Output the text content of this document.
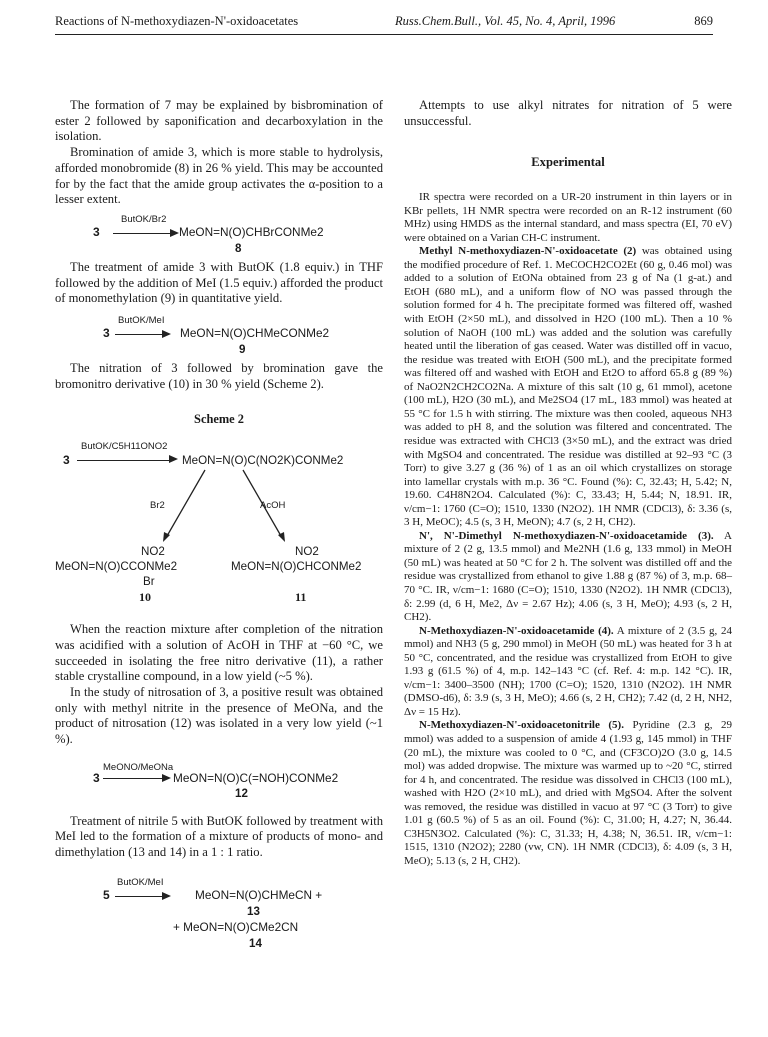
Reactions of N-methoxydiazen-N'-oxidoacetates	Russ.Chem.Bull., Vol. 45, No. 4, April, 1996	869

The formation of 7 may be explained by bisbromination of ester 2 followed by saponification and decarboxylation in the isolation.

Bromination of amide 3, which is more stable to hydrolysis, afforded monobromide (8) in 26 % yield. This may be accounted for by the fact that the amide group activates the α-position to a lesser extent.

3
ButOK/Br2
MeON=N(O)CHBrCONMe2
8

The treatment of amide 3 with ButOK (1.8 equiv.) in THF followed by the addition of MeI (1.5 equiv.) afforded the product of monomethylation (9) in quantitative yield.

3
ButOK/MeI
MeON=N(O)CHMeCONMe2
9

The nitration of 3 followed by bromination gave the bromonitro derivative (10) in 30 % yield (Scheme 2).

Scheme 2
3
ButOK/C5H11ONO2
MeON=N(O)C(NO2K)CONMe2
Br2	AcOH
NO2
MeON=N(O)CCONMe2
Br
10
NO2
MeON=N(O)CHCONMe2
11

When the reaction mixture after completion of the nitration was acidified with a solution of AcOH in THF at −60 °C, we succeeded in isolating the free nitro derivative (11), a rather stable crystalline compound, in a low yield (~5 %).

In the study of nitrosation of 3, a positive result was obtained only with methyl nitrite in the presence of MeONa, and the product of nitrosation (12) was isolated in a very low yield (~1 %).

3
MeONO/MeONa
MeON=N(O)C(=NOH)CONMe2
12

Treatment of nitrile 5 with ButOK followed by treatment with MeI led to the formation of a mixture of products of mono- and dimethylation (13 and 14) in a 1 : 1 ratio.

5
ButOK/MeI
MeON=N(O)CHMeCN +
13
+ MeON=N(O)CMe2CN
14

Attempts to use alkyl nitrates for nitration of 5 were unsuccessful.

Experimental

IR spectra were recorded on a UR-20 instrument in thin layers or in KBr pellets, 1H NMR spectra were recorded on an R-12 instrument (60 MHz) using HMDS as the internal standard, and mass spectra (EI, 70 eV) were obtained on a Varian CH-C instrument.

Methyl N-methoxydiazen-N'-oxidoacetate (2) was obtained using the modified procedure of Ref. 1. MeCOCH2CO2Et (60 g, 0.46 mol) was added to a solution of EtONa obtained from 23 g of Na (1 g-at.) and EtOH (680 mL), and a uniform flow of NO was passed through the solution formed for 4 h. The precipitate formed was filtered off, washed with EtOH (2×50 mL), and dissolved in H2O (100 mL). Then a 10 % solution of NaOH (100 mL) was added and the solution was carefully heated until the liberation of gas ceased. Water was distilled off in vacuo, the residue was treated with EtOH (500 mL), and the precipitate formed was filtered off and washed with EtOH and Et2O to afford 65.8 g (89 %) of NaO2N2CH2CO2Na. A mixture of this salt (10 g, 61 mmol), acetone (100 mL), H2O (30 mL), and Me2SO4 (17 mL, 183 mmol) was heated at 55 °C for 1.5 h with stirring. The mixture was then cooled, aqueous NH3 was added to pH 8, and the solution was filtered and concentrated. The residue was extracted with CHCl3 (3×50 mL), and the extract was dried with MgSO4 and concentrated. The residue was distilled at 92–93 °C (3 Torr) to give 3.27 g (36 %) of 1 as an oil which crystallizes on storage into lamellar crystals with m.p. 36 °C. Found (%): C, 32.43; H, 5.42; N, 19.60. C4H8N2O4. Calculated (%): C, 33.43; H, 5.44; N, 18.91. IR, ν/cm−1: 1760 (C=O); 1510, 1330 (N2O2). 1H NMR (CDCl3), δ: 3.36 (s, 3 H, MeOC); 4.5 (s, 3 H, MeON); 4.7 (s, 2 H, CH2).

N', N'-Dimethyl N-methoxydiazen-N'-oxidoacetamide (3). A mixture of 2 (2 g, 13.5 mmol) and Me2NH (1.6 g, 133 mmol) in MeOH (50 mL) was heated at 50 °C for 2 h. The solvent was distilled off and the residue was crystallized from ethanol to give 1.88 g (87 %) of 3, m.p. 68–70 °C. IR, ν/cm−1: 1680 (C=O); 1510, 1330 (N2O2). 1H NMR (CDCl3), δ: 2.99 (d, 6 H, Me2, Δν = 2.67 Hz); 4.06 (s, 3 H, MeO); 4.93 (s, 2 H, CH2).

N-Methoxydiazen-N'-oxidoacetamide (4). A mixture of 2 (3.5 g, 24 mmol) and NH3 (5 g, 290 mmol) in MeOH (50 mL) was heated for 3 h at 50 °C, concentrated, and the residue was crystallized from EtOH to give 1.93 g (61.5 %) of 4, m.p. 142–143 °C (cf. Ref. 4: m.p. 142 °C). IR, ν/cm−1: 3400–3500 (NH); 1700 (C=O); 1520, 1310 (N2O2). 1H NMR (DMSO-d6), δ: 3.9 (s, 3 H, MeO); 4.66 (s, 2 H, CH2); 7.42 (d, 2 H, NH2, Δν = 15 Hz).

N-Methoxydiazen-N'-oxidoacetonitrile (5). Pyridine (2.3 g, 29 mmol) was added to a suspension of amide 4 (1.93 g, 145 mmol) in THF (20 mL), the mixture was cooled to 0 °C, and (CF3CO)2O (3.0 g, 14.5 mol) was added dropwise. The mixture was warmed up to ~20 °C, stirred for 4 h, and concentrated. The residue was dissolved in CHCl3 (100 mL), washed with H2O (2×10 mL), and dried with MgSO4. After the solvent was removed, the residue was distilled in vacuo at 97 °C (3 Torr) to give 1.01 g (60.5 %) of 5 as an oil. Found (%): C, 31.00; H, 4.27; N, 36.44. C3H5N3O2. Calculated (%): C, 31.33; H, 4.38; N, 36.51. IR, ν/cm−1: 1515, 1310 (N2O2); 2280 (vw, CN). 1H NMR (CDCl3), δ: 4.09 (s, 3 H, MeO); 5.13 (s, 2 H, CH2).
